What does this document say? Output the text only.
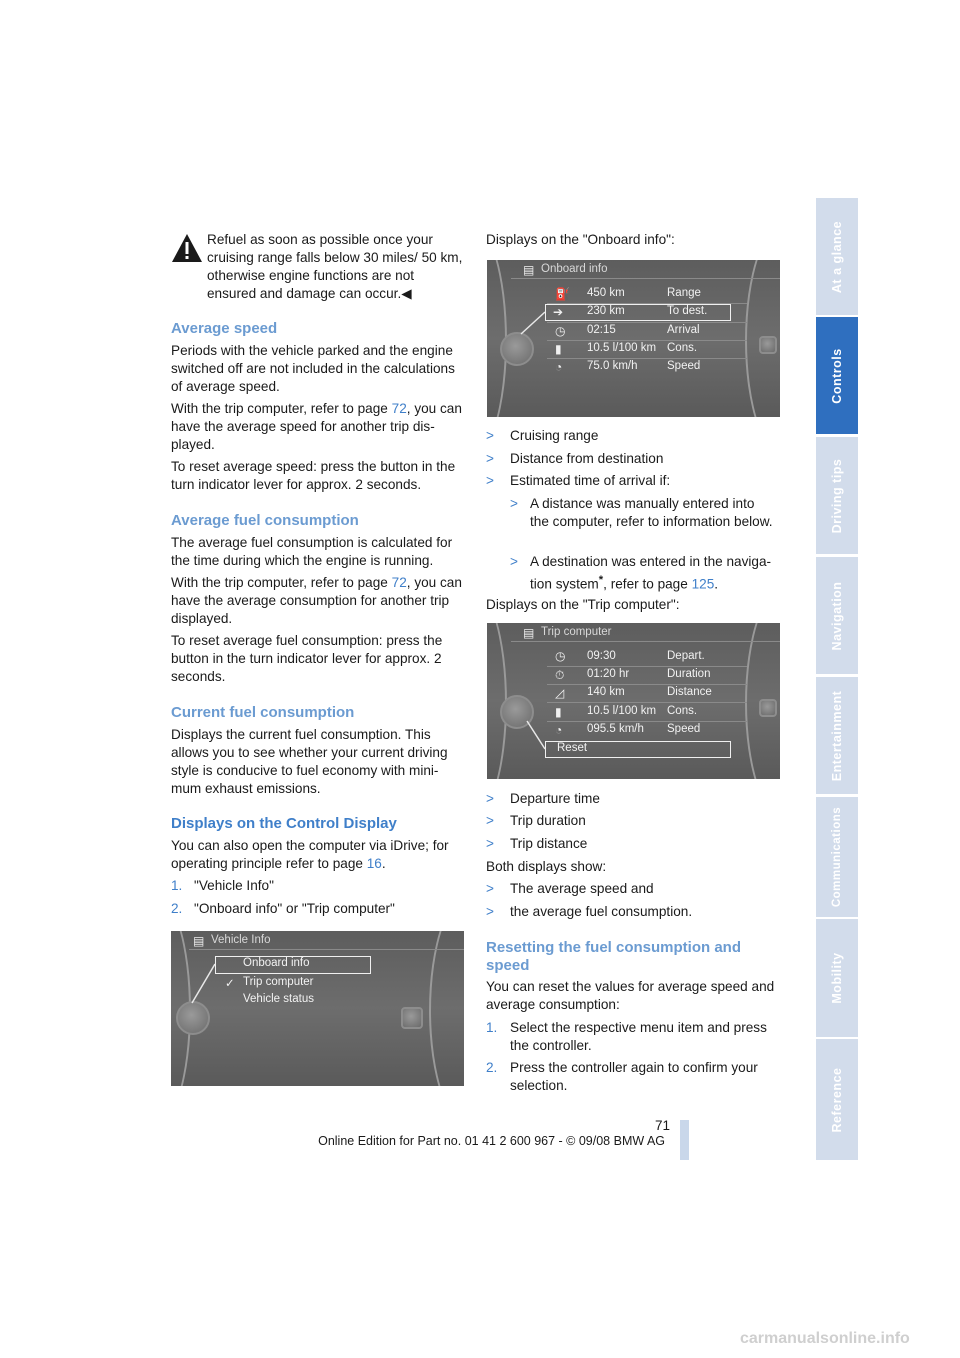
At a glance
Controls
Driving tips
Navigation
Entertainment
Communications
Mobility
Reference

Refuel as soon as possible once your cruising range falls below 30 miles/ 50 km, otherwise engine functions are not ensured and damage can occur.◀

Average speed

Periods with the vehicle parked and the engine switched off are not included in the calculations of average speed.

With the trip computer, refer to page 72, you can have the average speed for another trip dis-played.

To reset average speed: press the button in the turn indicator lever for approx. 2 seconds.

Average fuel consumption

The average fuel consumption is calculated for the time during which the engine is running.

With the trip computer, refer to page 72, you can have the average consumption for another trip displayed.

To reset average fuel consumption: press the button in the turn indicator lever for approx. 2 seconds.

Current fuel consumption

Displays the current fuel consumption. This allows you to see whether your current driving style is conducive to fuel economy with mini-mum exhaust emissions.

Displays on the Control Display

You can also open the computer via iDrive; for operating principle refer to page 16.

1. "Vehicle Info"

2. "Onboard info" or "Trip computer"

▤ Vehicle Info
Onboard info
✓ Trip computer
Vehicle status

Displays on the "Onboard info":

▤ Onboard info
⛽ 450 km	Range
➔	230 km	To dest.
◷	02:15	Arrival
▮	10.5 l/100 km Cons.
◔	75.0 km/h	Speed

> Cruising range

> Distance from destination

> Estimated time of arrival if:

> A distance was manually entered into the computer, refer to information below.

> A destination was entered in the naviga-tion system*, refer to page 125.

Displays on the "Trip computer":

▤ Trip computer
◷	09:30	Depart.
⏱	01:20 hr	Duration
◿	140 km	Distance
▮	10.5 l/100 km Cons.
◔	095.5 km/h Speed
Reset

> Departure time

> Trip duration

> Trip distance

Both displays show:

> The average speed and

> the average fuel consumption.

Resetting the fuel consumption and speed

You can reset the values for average speed and average consumption:

1. Select the respective menu item and press the controller.

2. Press the controller again to confirm your selection.

71

Online Edition for Part no. 01 41 2 600 967 - © 09/08 BMW AG

carmanualsonline.info
